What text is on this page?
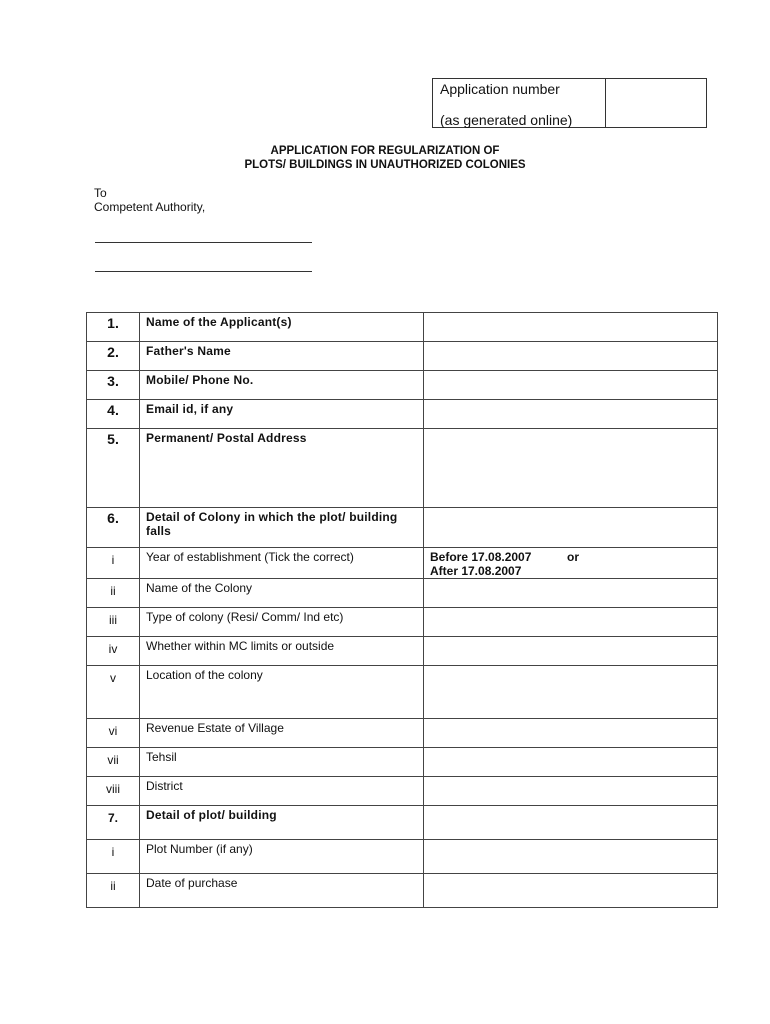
Application number
(as generated online)
APPLICATION FOR REGULARIZATION OF
PLOTS/ BUILDINGS IN UNAUTHORIZED COLONIES
To
Competent Authority,
1.	Name of the Applicant(s)	
2.	Father's Name	
3.	Mobile/ Phone No.	
4.	Email id, if any	
5.	Permanent/ Postal Address	
6.	Detail of Colony in which the plot/ building falls	
i	Year of establishment (Tick the correct)	Before 17.08.2007 or
After 17.08.2007

ii	Name of the Colony	
iii	Type of colony (Resi/ Comm/ Ind etc)	
iv	Whether within MC limits or outside	
v	Location of the colony	
vi	Revenue Estate of Village	
vii	Tehsil	
viii	District	
7.	Detail of plot/ building	
i	Plot Number (if any)	
ii	Date of purchase	
